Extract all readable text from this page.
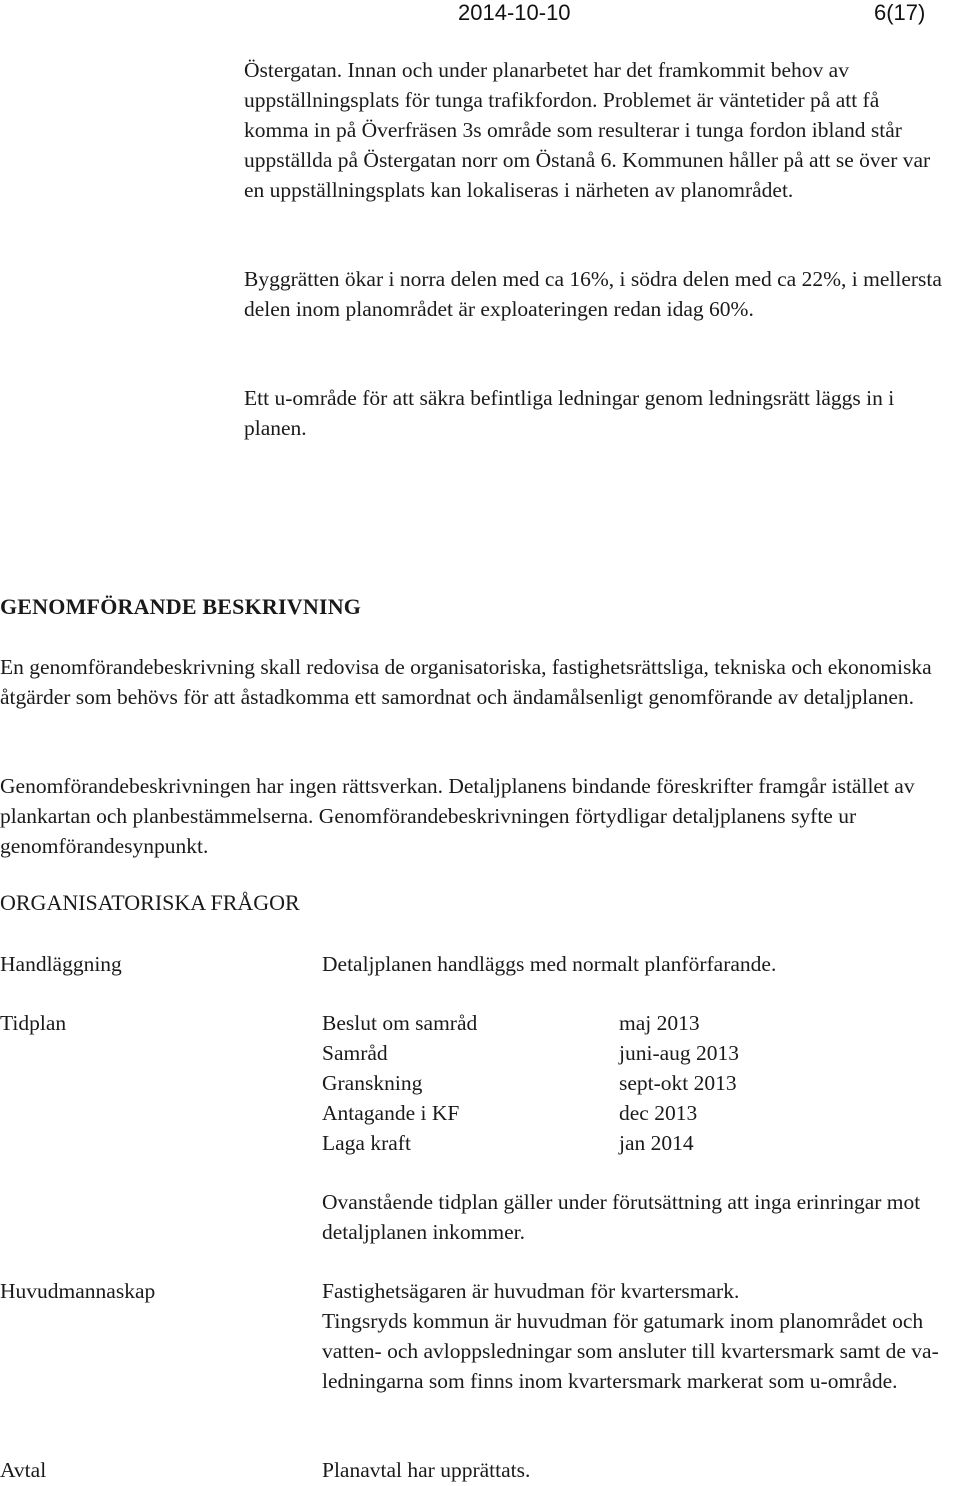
2014-10-10	6(17)

Östergatan. Innan och under planarbetet har det framkommit behov av uppställningsplats för tunga trafikfordon. Problemet är väntetider på att få komma in på Överfräsen 3s område som resulterar i tunga fordon ibland står uppställda på Östergatan norr om Östanå 6. Kommunen håller på att se över var en uppställningsplats kan lokaliseras i närheten av planområdet.

Byggrätten ökar i norra delen med ca 16%, i södra delen med ca 22%, i mellersta delen inom planområdet är exploateringen redan idag 60%.

Ett u-område för att säkra befintliga ledningar genom ledningsrätt läggs in i planen.

GENOMFÖRANDE BESKRIVNING

En genomförandebeskrivning skall redovisa de organisatoriska, fastighetsrättsliga, tekniska och ekonomiska åtgärder som behövs för att åstadkomma ett samordnat och ändamålsenligt genomförande av detaljplanen.

Genomförandebeskrivningen har ingen rättsverkan. Detaljplanens bindande föreskrifter framgår istället av plankartan och planbestämmelserna. Genomförandebeskrivningen förtydligar detaljplanens syfte ur genomförandesynpunkt.

ORGANISATORISKA FRÅGOR
Handläggning	Detaljplanen handläggs med normalt planförfarande.
Tidplan	Beslut om samråd	maj 2013
Samråd	juni-aug 2013
Granskning	sept-okt 2013
Antagande i KF	dec 2013
Laga kraft	jan 2014
Ovanstående tidplan gäller under förutsättning att inga erinringar mot detaljplanen inkommer.
Huvudmannaskap	Fastighetsägaren är huvudman för kvartersmark.
Tingsryds kommun är huvudman för gatumark inom planområdet och vatten- och avloppsledningar som ansluter till kvartersmark samt de va-ledningarna som finns inom kvartersmark markerat som u-område.
Avtal	Planavtal har upprättats.
